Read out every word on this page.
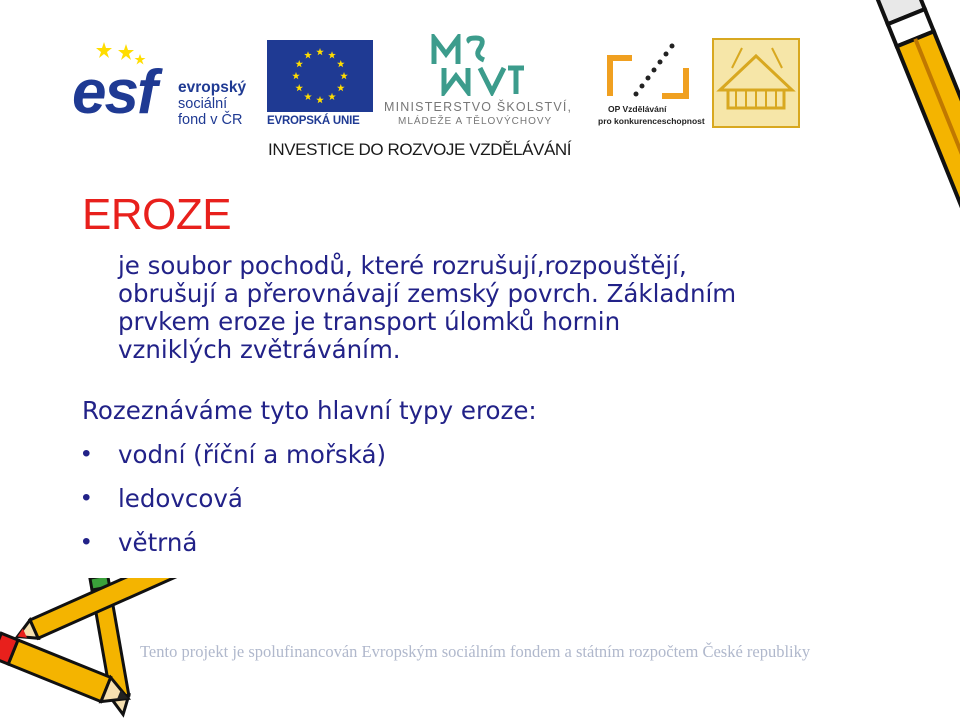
esf evropský
sociální
fond v ČR	EVROPSKÁ UNIE
MINISTERSTVO ŠKOLSTVÍ,
MLÁDEŽE A TĚLOVÝCHOVY
OP Vzdělávání
pro konkurenceschopnost
INVESTICE DO ROZVOJE VZDĚLÁVÁNÍ
EROZE
je soubor pochodů, které rozrušují,rozpouštějí,
obrušují a přerovnávají zemský povrch. Základním
prvkem eroze je transport úlomků hornin
vzniklých zvětráváním.
Rozeznáváme tyto hlavní typy eroze:
• vodní (říční a mořská)
• ledovcová
• větrná
Tento projekt je spolufinancován Evropským sociálním fondem a státním rozpočtem České republiky
